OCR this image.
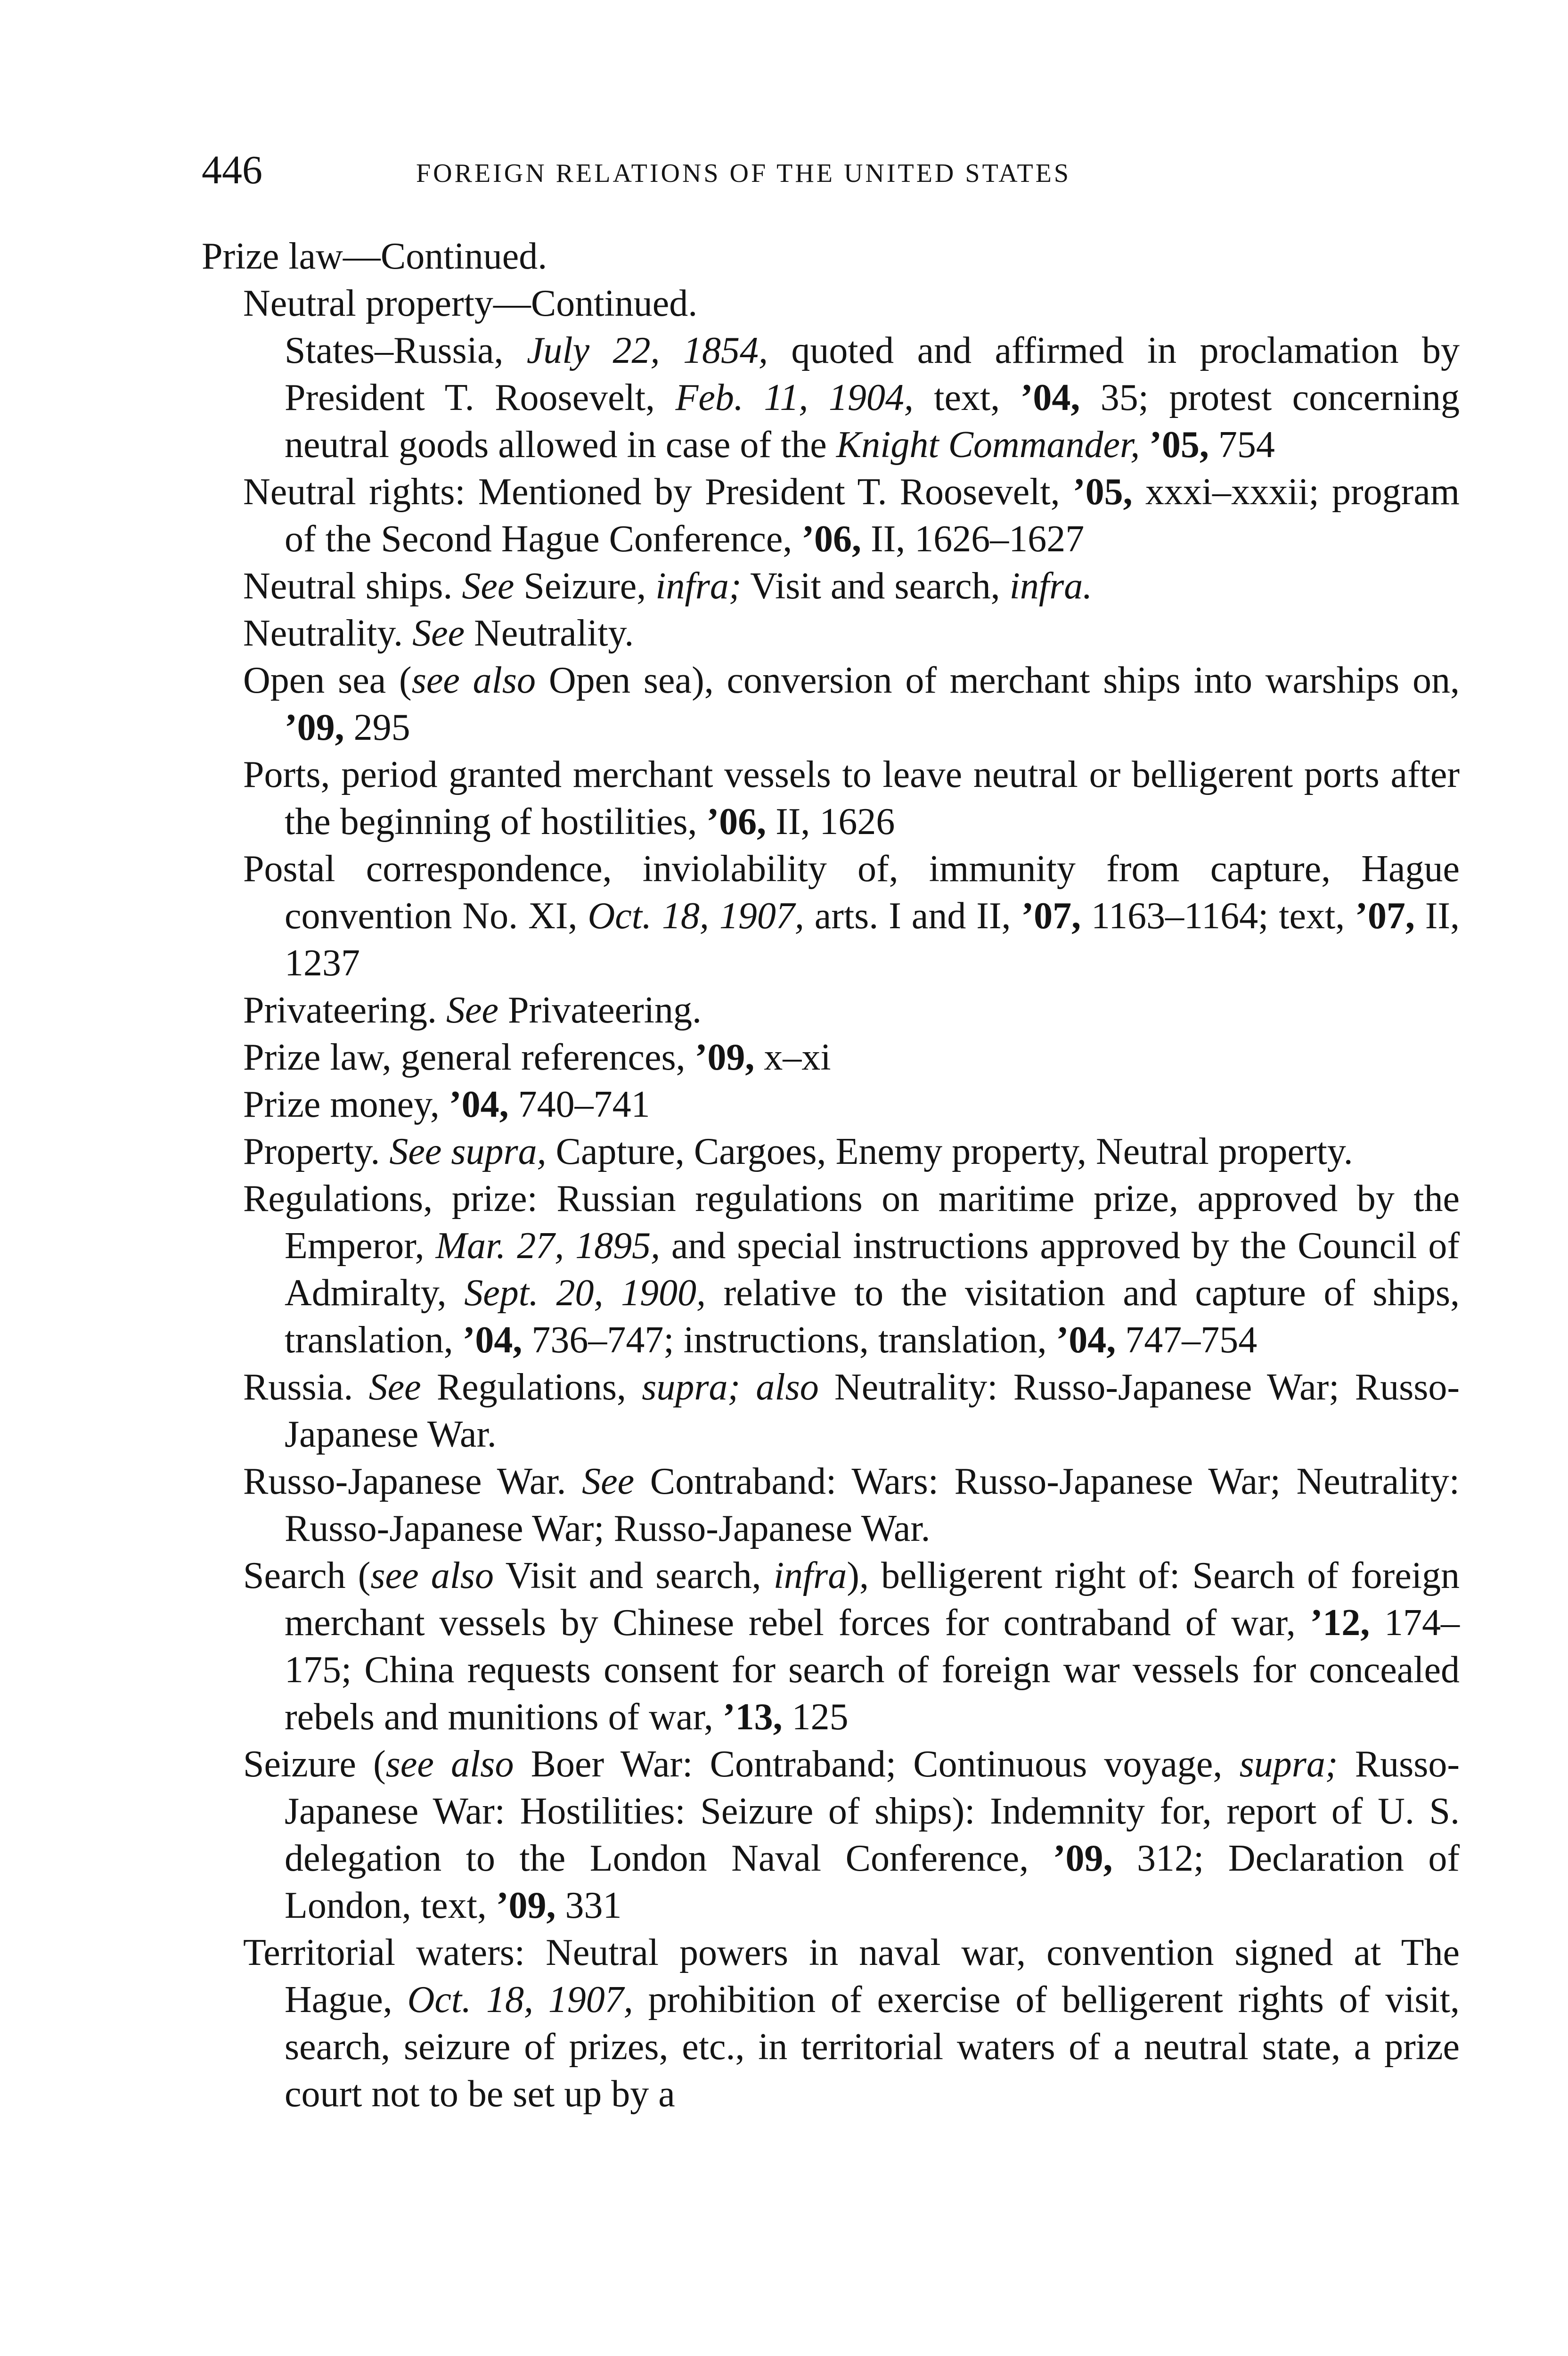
446	FOREIGN RELATIONS OF THE UNITED STATES
Prize law—Continued.
Neutral property—Continued.
States–Russia, July 22, 1854, quoted and affirmed in proclamation by President T. Roosevelt, Feb. 11, 1904, text, ’04, 35; protest concerning neutral goods allowed in case of the Knight Commander, ’05, 754
Neutral rights: Mentioned by President T. Roosevelt, ’05, xxxi–xxxii; program of the Second Hague Conference, ’06, II, 1626–1627
Neutral ships. See Seizure, infra; Visit and search, infra.
Neutrality. See Neutrality.
Open sea (see also Open sea), conversion of merchant ships into warships on, ’09, 295
Ports, period granted merchant vessels to leave neutral or belligerent ports after the beginning of hostilities, ’06, II, 1626
Postal correspondence, inviolability of, immunity from capture, Hague convention No. XI, Oct. 18, 1907, arts. I and II, ’07, 1163–1164; text, ’07, II, 1237
Privateering. See Privateering.
Prize law, general references, ’09, x–xi
Prize money, ’04, 740–741
Property. See supra, Capture, Cargoes, Enemy property, Neutral property.
Regulations, prize: Russian regulations on maritime prize, approved by the Emperor, Mar. 27, 1895, and special instructions approved by the Council of Admiralty, Sept. 20, 1900, relative to the visitation and capture of ships, translation, ’04, 736–747; instructions, translation, ’04, 747–754
Russia. See Regulations, supra; also Neutrality: Russo-Japanese War; Russo-Japanese War.
Russo-Japanese War. See Contraband: Wars: Russo-Japanese War; Neutrality: Russo-Japanese War; Russo-Japanese War.
Search (see also Visit and search, infra), belligerent right of: Search of foreign merchant vessels by Chinese rebel forces for contraband of war, ’12, 174–175; China requests consent for search of foreign war vessels for concealed rebels and munitions of war, ’13, 125
Seizure (see also Boer War: Contraband; Continuous voyage, supra; Russo-Japanese War: Hostilities: Seizure of ships): Indemnity for, report of U. S. delegation to the London Naval Conference, ’09, 312; Declaration of London, text, ’09, 331
Territorial waters: Neutral powers in naval war, convention signed at The Hague, Oct. 18, 1907, prohibition of exercise of belligerent rights of visit, search, seizure of prizes, etc., in territorial waters of a neutral state, a prize court not to be set up by a
